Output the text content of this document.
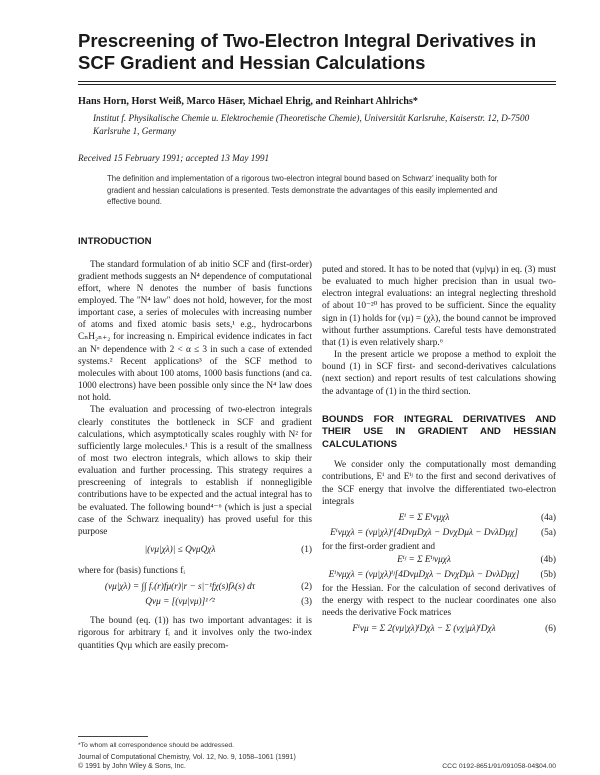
Prescreening of Two-Electron Integral Derivatives in SCF Gradient and Hessian Calculations
Hans Horn, Horst Weiß, Marco Häser, Michael Ehrig, and Reinhart Ahlrichs*
Institut f. Physikalische Chemie u. Elektrochemie (Theoretische Chemie), Universität Karlsruhe, Kaiserstr. 12, D-7500 Karlsruhe 1, Germany
Received 15 February 1991; accepted 13 May 1991
The definition and implementation of a rigorous two-electron integral bound based on Schwarz' inequality both for gradient and hessian calculations is presented. Tests demonstrate the advantages of this easily implemented and effective bound.

INTRODUCTION

The standard formulation of ab initio SCF and (first-order) gradient methods suggests an N⁴ dependence of computational effort, where N denotes the number of basis functions employed. The "N⁴ law" does not hold, however, for the most important case, a series of molecules with increasing number of atoms and fixed atomic basis sets,¹ e.g., hydrocarbons CₙH₂ₙ₊₂ for increasing n. Empirical evidence indicates in fact an Nᵅ dependence with 2 < α ≤ 3 in such a case of extended systems.² Recent applications³ of the SCF method to molecules with about 100 atoms, 1000 basis functions (and ca. 1000 electrons) have been possible only since the N⁴ law does not hold.

The evaluation and processing of two-electron integrals clearly constitutes the bottleneck in SCF and gradient calculations, which asymptotically scales roughly with N² for sufficiently large molecules.¹ This is a result of the smallness of most two electron integrals, which allows to skip their evaluation and further processing. This strategy requires a prescreening of integrals to establish if nonnegligible contributions have to be expected and the actual integral has to be evaluated. The following bound⁴⁻⁶ (which is just a special case of the Schwarz inequality) has proved useful for this purpose

|(νμ|χλ)| ≤ QνμQχλ	(1)

where for (basis) functions fᵢ

(νμ|χλ) = ∫∫ fᵥ(r)fμ(r)|r − s|⁻¹fχ(s)fλ(s) dτ	(2)
Qνμ = [(νμ|νμ)]¹ᐟ²	(3)

The bound (eq. (1)) has two important advantages: it is rigorous for arbitrary fᵢ and it involves only the two-index quantities Qνμ which are easily precom-

puted and stored. It has to be noted that (νμ|νμ) in eq. (3) must be evaluated to much higher precision than in usual two-electron integral evaluations: an integral neglecting threshold of about 10⁻²⁰ has proved to be sufficient. Since the equality sign in (1) holds for (νμ) = (χλ), the bound cannot be improved without further assumptions. Careful tests have demonstrated that (1) is even relatively sharp.⁶

In the present article we propose a method to exploit the bound (1) in SCF first- and second-derivatives calculations (next section) and report results of test calculations showing the advantage of (1) in the third section.

BOUNDS FOR INTEGRAL DERIVATIVES AND THEIR USE IN GRADIENT AND HESSIAN CALCULATIONS

We consider only the computationally most demanding contributions, Eⁱ and Eⁱʲ to the first and second derivatives of the SCF energy that involve the differentiated two-electron integrals

Eⁱ = Σ Eⁱνμχλ	(4a)
Eⁱνμχλ = (νμ|χλ)ⁱ[4DνμDχλ − DνχDμλ − DνλDμχ]	(5a)

for the first-order gradient and

Eⁱʲ = Σ Eⁱʲνμχλ	(4b)
Eⁱʲνμχλ = (νμ|χλ)ⁱʲ[4DνμDχλ − DνχDμλ − DνλDμχ]	(5b)

for the Hessian. For the calculation of second derivatives of the energy with respect to the nuclear coordinates one also needs the derivative Fock matrices

Fⁱνμ = Σ 2(νμ|χλ)ⁱDχλ − Σ (νχ|μλ)ⁱDχλ	(6)
*To whom all correspondence should be addressed.
Journal of Computational Chemistry, Vol. 12, No. 9, 1058–1061 (1991)
© 1991 by John Wiley & Sons, Inc.	CCC 0192-8651/91/091058-04$04.00
